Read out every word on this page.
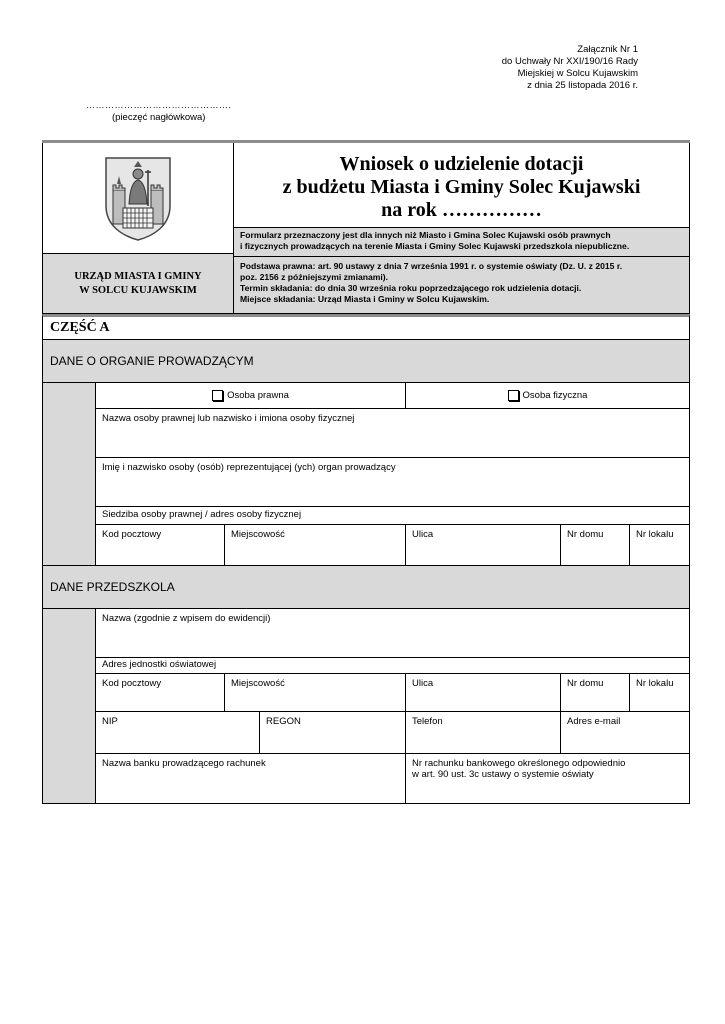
Załącznik Nr 1
do Uchwały Nr XXI/190/16 Rady
Miejskiej w Solcu Kujawskim
z dnia 25 listopada 2016 r.
……………………………………….
(pieczęć nagłówkowa)
URZĄD MIASTA I GMINY
W SOLCU KUJAWSKIM
Wniosek o udzielenie dotacji
z budżetu Miasta i Gminy Solec Kujawski
na rok ……………
Formularz przeznaczony jest dla innych niż Miasto i Gmina Solec Kujawski osób prawnych
i fizycznych prowadzących na terenie Miasta i Gminy Solec Kujawski przedszkola niepubliczne.
Podstawa prawna: art. 90 ustawy z dnia 7 września 1991 r. o systemie oświaty (Dz. U. z 2015 r.
poz. 2156 z późniejszymi zmianami).
Termin składania: do dnia 30 września roku poprzedzającego rok udzielenia dotacji.
Miejsce składania: Urząd Miasta i Gminy w Solcu Kujawskim.
CZĘŚĆ A
DANE O ORGANIE PROWADZĄCYM
Osoba prawna	Osoba fizyczna
Nazwa osoby prawnej lub nazwisko i imiona osoby fizycznej
Imię i nazwisko osoby (osób) reprezentującej (ych) organ prowadzący
Siedziba osoby prawnej / adres osoby fizycznej
Kod pocztowy	Miejscowość	Ulica	Nr domu	Nr lokalu
DANE PRZEDSZKOLA
Nazwa (zgodnie z wpisem do ewidencji)
Adres jednostki oświatowej
Kod pocztowy	Miejscowość	Ulica	Nr domu	Nr lokalu
NIP	REGON	Telefon	Adres e-mail
Nazwa banku prowadzącego rachunek	Nr rachunku bankowego określonego odpowiednio
w art. 90 ust. 3c ustawy o systemie oświaty
